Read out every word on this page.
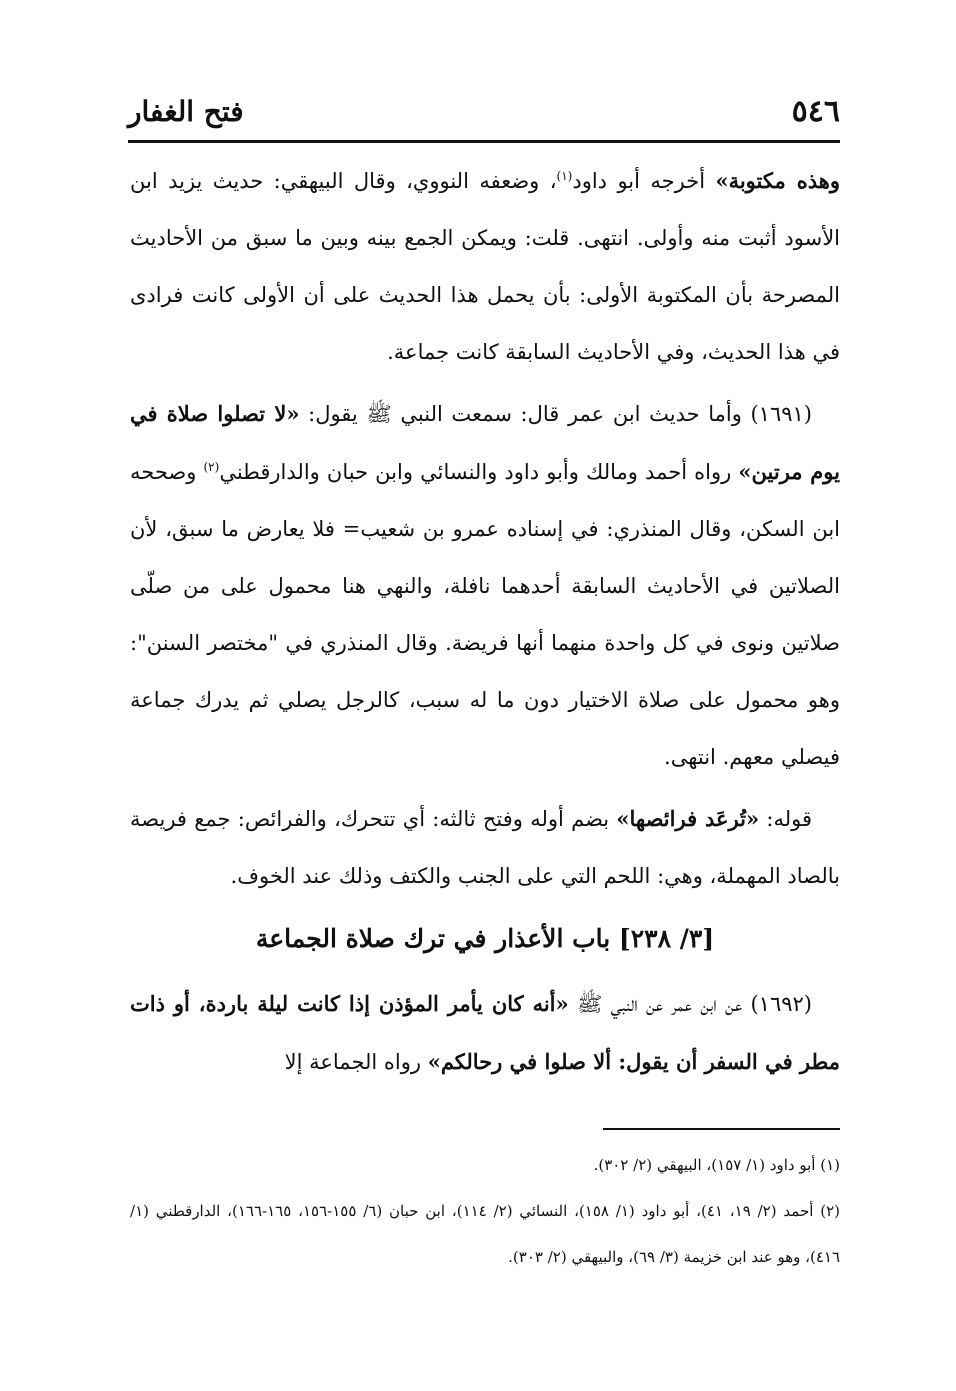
٥٤٦
فتح الغفار

وهذه مكتوبة» أخرجه أبو داود$^{(١)}$، وضعفه النووي، وقال البيهقي: حديث يزيد ابن الأسود أثبت منه وأولى. انتهى. قلت: ويمكن الجمع بينه وبين ما سبق من الأحاديث المصرحة بأن المكتوبة الأولى: بأن يحمل هذا الحديث على أن الأولى كانت فرادى في هذا الحديث، وفي الأحاديث السابقة كانت جماعة.

(١٦٩١) وأما حديث ابن عمر قال: سمعت النبي ﷺ يقول: «لا تصلوا صلاة في يوم مرتين» رواه أحمد ومالك وأبو داود والنسائي وابن حبان والدارقطني$^{(٢)}$ وصححه ابن السكن، وقال المنذري: في إسناده عمرو بن شعيب= فلا يعارض ما سبق، لأن الصلاتين في الأحاديث السابقة أحدهما نافلة، والنهي هنا محمول على من صلّى صلاتين ونوى في كل واحدة منهما أنها فريضة. وقال المنذري في "مختصر السنن": وهو محمول على صلاة الاختيار دون ما له سبب، كالرجل يصلي ثم يدرك جماعة فيصلي معهم. انتهى.

قوله: «تُرعَد فرائصها» بضم أوله وفتح ثالثه: أي تتحرك، والفرائص: جمع فريصة بالصاد المهملة، وهي: اللحم التي على الجنب والكتف وذلك عند الخوف.

[٣/ ٢٣٨] باب الأعذار في ترك صلاة الجماعة

(١٦٩٢) عن ابن عمر عن النبي ﷺ «أنه كان يأمر المؤذن إذا كانت ليلة باردة، أو ذات مطر في السفر أن يقول: ألا صلوا في رحالكم» رواه الجماعة إلا

(١) أبو داود (١/ ١٥٧)، البيهقي (٢/ ٣٠٢).

(٢) أحمد (٢/ ١٩، ٤١)، أبو داود (١/ ١٥٨)، النسائي (٢/ ١١٤)، ابن حبان (٦/ ١٥٥-١٥٦، ١٦٥-١٦٦)، الدارقطني (١/ ٤١٦)، وهو عند ابن خزيمة (٣/ ٦٩)، والبيهقي (٢/ ٣٠٣).
